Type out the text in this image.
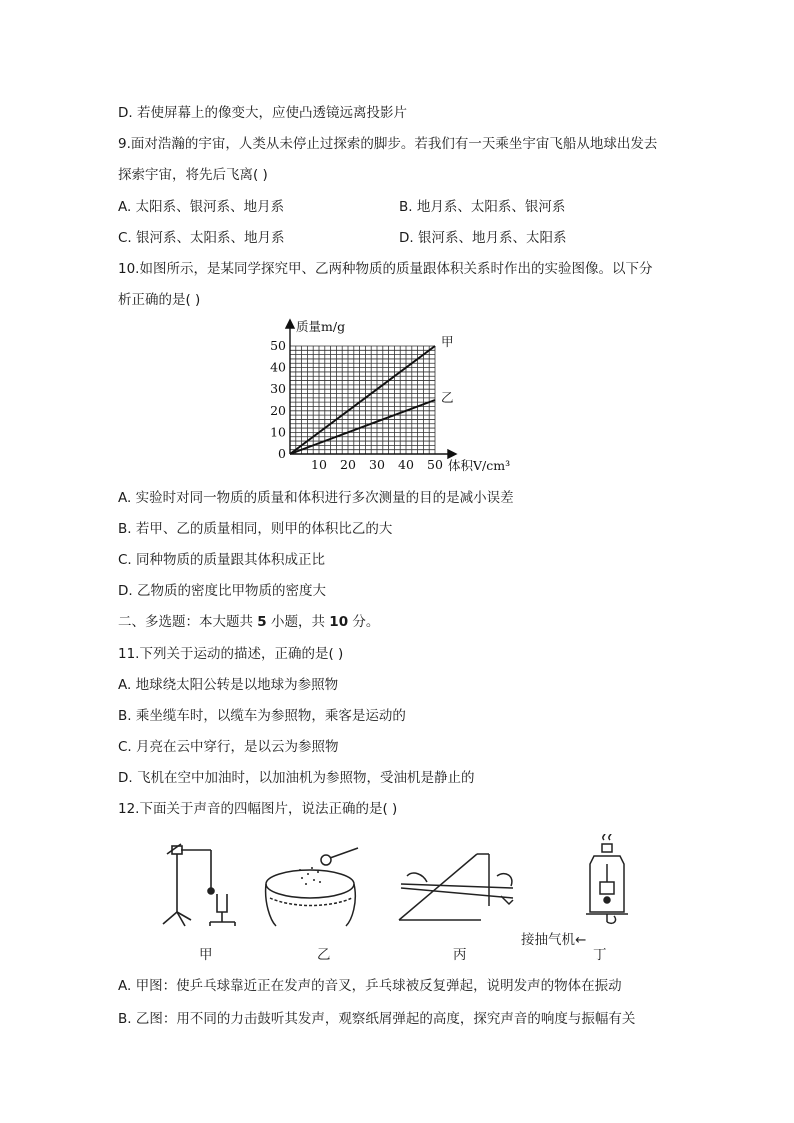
D. 若使屏幕上的像变大，应使凸透镜远离投影片
9.面对浩瀚的宇宙，人类从未停止过探索的脚步。若我们有一天乘坐宇宙飞船从地球出发去
探索宇宙，将先后飞离( )
A. 太阳系、银河系、地月系	B. 地月系、太阳系、银河系
C. 银河系、太阳系、地月系	D. 银河系、地月系、太阳系
10.如图所示，是某同学探究甲、乙两种物质的质量跟体积关系时作出的实验图像。以下分
析正确的是( )
0
10
20
30
40
50
10 20 30 40 50
甲
乙
质量m/g
体积V/cm³
A. 实验时对同一物质的质量和体积进行多次测量的目的是减小误差
B. 若甲、乙的质量相同，则甲的体积比乙的大
C. 同种物质的质量跟其体积成正比
D. 乙物质的密度比甲物质的密度大
二、多选题：本大题共 5 小题，共 10 分。
11.下列关于运动的描述，正确的是( )
A. 地球绕太阳公转是以地球为参照物
B. 乘坐缆车时，以缆车为参照物，乘客是运动的
C. 月亮在云中穿行，是以云为参照物
D. 飞机在空中加油时，以加油机为参照物，受油机是静止的
12.下面关于声音的四幅图片，说法正确的是( )
甲	乙	丙	丁
接抽气机←
A. 甲图：使乒乓球靠近正在发声的音叉，乒乓球被反复弹起，说明发声的物体在振动
B. 乙图：用不同的力击鼓听其发声，观察纸屑弹起的高度，探究声音的响度与振幅有关
